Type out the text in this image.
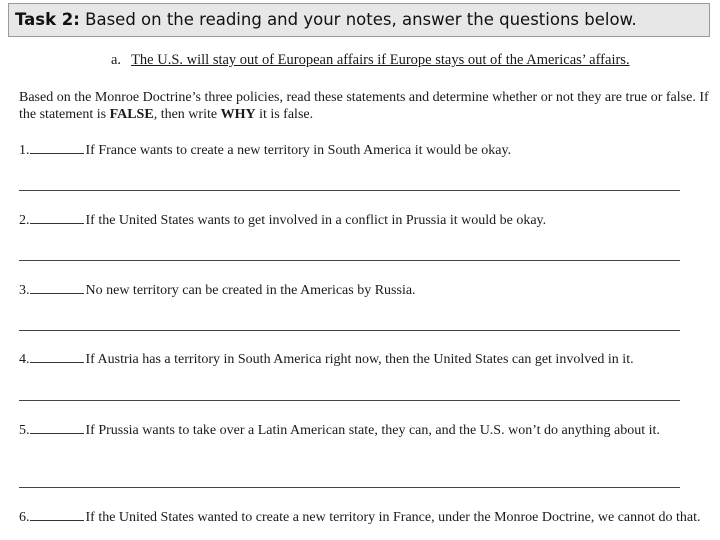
Task 2: Based on the reading and your notes, answer the questions below.
a. The U.S. will stay out of European affairs if Europe stays out of the Americas’ affairs.
Based on the Monroe Doctrine’s three policies, read these statements and determine whether or not they are true or false. If the statement is FALSE, then write WHY it is false.
1.	If France wants to create a new territory in South America it would be okay.
2.	If the United States wants to get involved in a conflict in Prussia it would be okay.
3.	No new territory can be created in the Americas by Russia.
4.	If Austria has a territory in South America right now, then the United States can get involved in it.
5.	If Prussia wants to take over a Latin American state, they can, and the U.S. won’t do anything about it.
6.	If the United States wanted to create a new territory in France, under the Monroe Doctrine, we cannot do that.
